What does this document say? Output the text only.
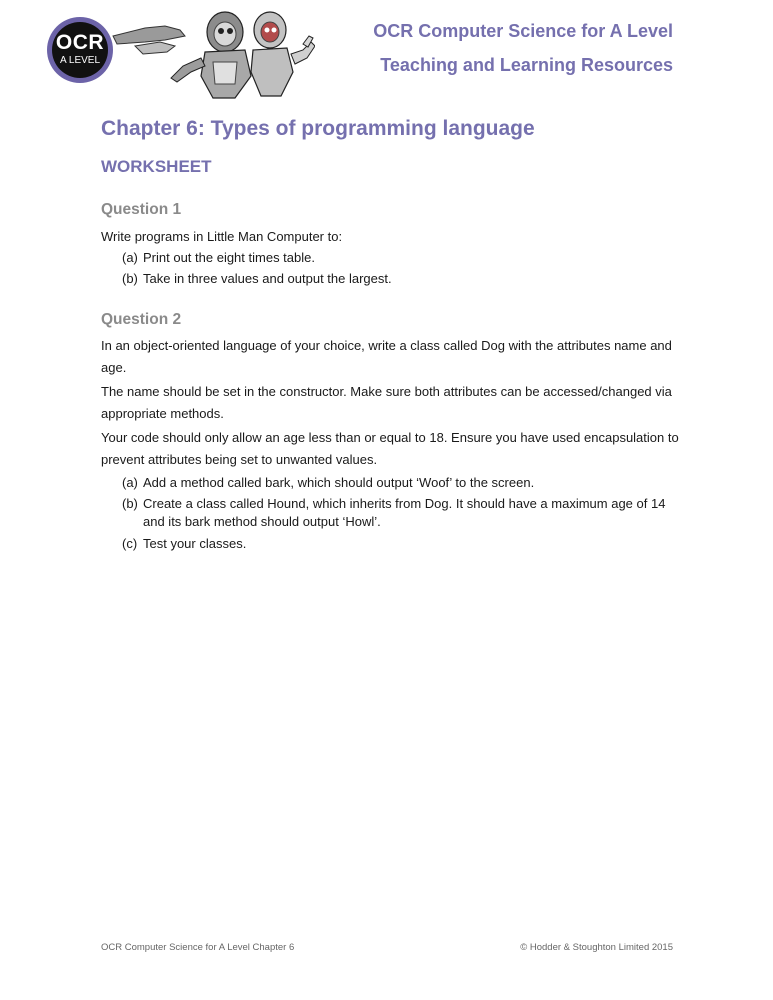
OCR
A LEVEL
OCR Computer Science for A Level
Teaching and Learning Resources
Chapter 6: Types of programming language
WORKSHEET
Question 1
Write programs in Little Man Computer to:
(a) Print out the eight times table.
(b) Take in three values and output the largest.
Question 2
In an object-oriented language of your choice, write a class called Dog with the attributes name and age.
The name should be set in the constructor. Make sure both attributes can be accessed/changed via appropriate methods.
Your code should only allow an age less than or equal to 18. Ensure you have used encapsulation to prevent attributes being set to unwanted values.
(a) Add a method called bark, which should output ‘Woof’ to the screen.
(b) Create a class called Hound, which inherits from Dog. It should have a maximum age of 14 and its bark method should output ‘Howl’.
(c) Test your classes.
OCR Computer Science for A Level Chapter 6	© Hodder & Stoughton Limited 2015
